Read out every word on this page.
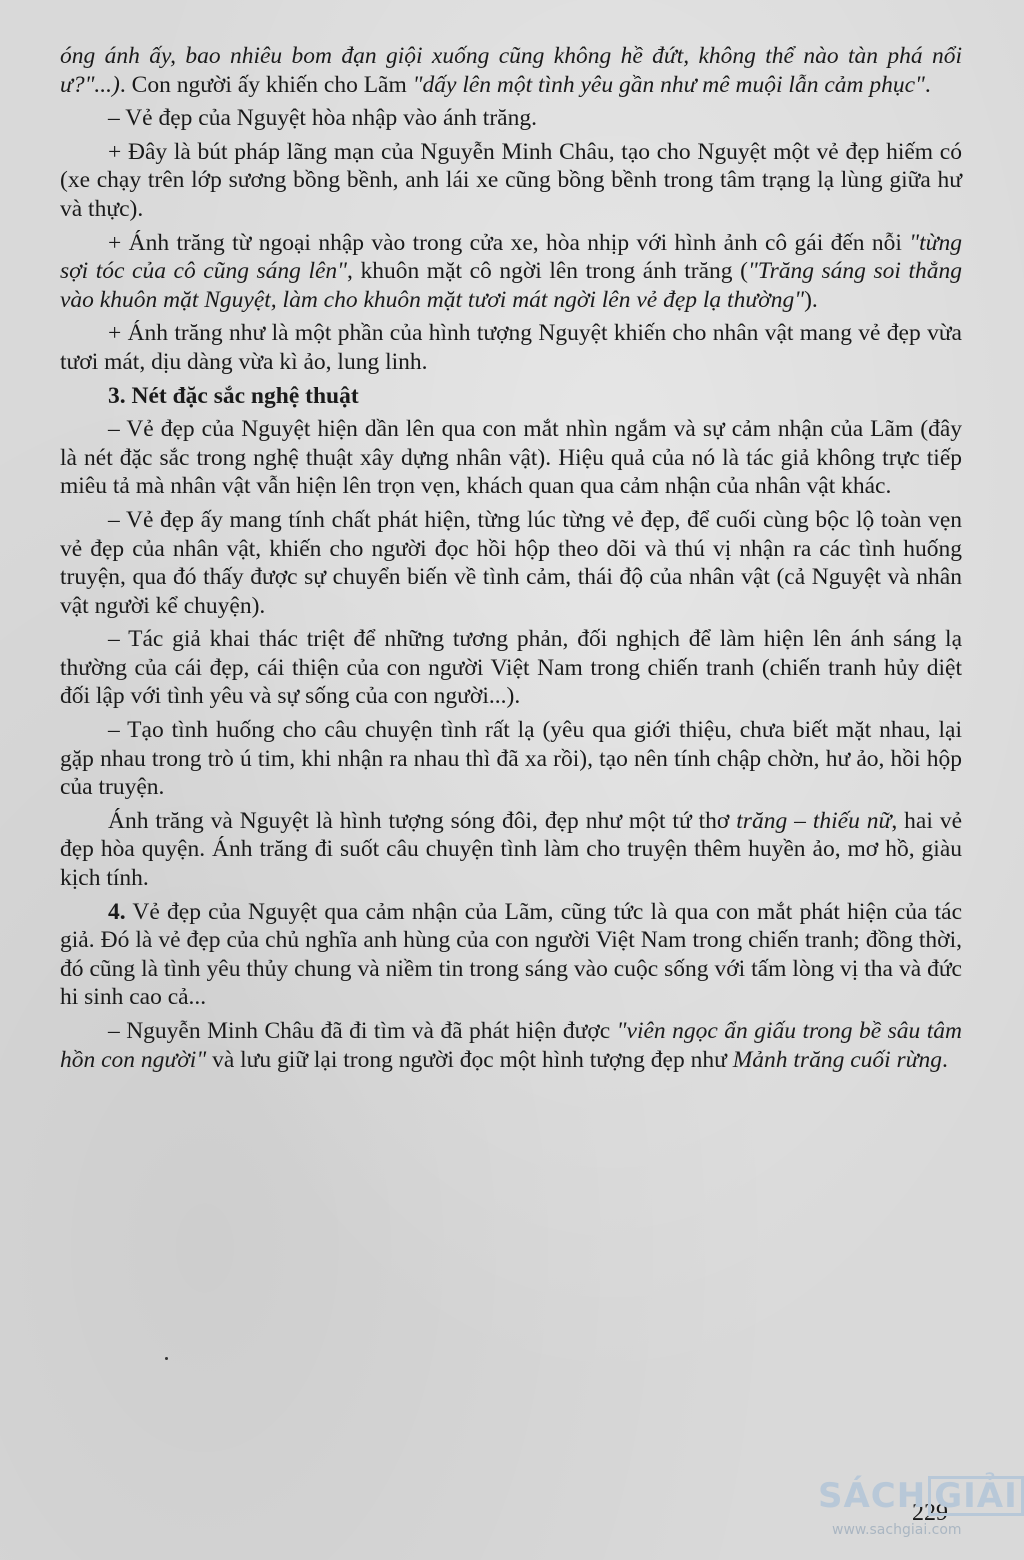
óng ánh ấy, bao nhiêu bom đạn giội xuống cũng không hề đứt, không thể nào tàn phá nổi ư?"...). Con người ấy khiến cho Lãm "dấy lên một tình yêu gần như mê muội lẫn cảm phục".

– Vẻ đẹp của Nguyệt hòa nhập vào ánh trăng.

+ Đây là bút pháp lãng mạn của Nguyễn Minh Châu, tạo cho Nguyệt một vẻ đẹp hiếm có (xe chạy trên lớp sương bồng bềnh, anh lái xe cũng bồng bềnh trong tâm trạng lạ lùng giữa hư và thực).

+ Ánh trăng từ ngoại nhập vào trong cửa xe, hòa nhịp với hình ảnh cô gái đến nỗi "từng sợi tóc của cô cũng sáng lên", khuôn mặt cô ngời lên trong ánh trăng ("Trăng sáng soi thẳng vào khuôn mặt Nguyệt, làm cho khuôn mặt tươi mát ngời lên vẻ đẹp lạ thường").

+ Ánh trăng như là một phần của hình tượng Nguyệt khiến cho nhân vật mang vẻ đẹp vừa tươi mát, dịu dàng vừa kì ảo, lung linh.

3. Nét đặc sắc nghệ thuật

– Vẻ đẹp của Nguyệt hiện dần lên qua con mắt nhìn ngắm và sự cảm nhận của Lãm (đây là nét đặc sắc trong nghệ thuật xây dựng nhân vật). Hiệu quả của nó là tác giả không trực tiếp miêu tả mà nhân vật vẫn hiện lên trọn vẹn, khách quan qua cảm nhận của nhân vật khác.

– Vẻ đẹp ấy mang tính chất phát hiện, từng lúc từng vẻ đẹp, để cuối cùng bộc lộ toàn vẹn vẻ đẹp của nhân vật, khiến cho người đọc hồi hộp theo dõi và thú vị nhận ra các tình huống truyện, qua đó thấy được sự chuyển biến về tình cảm, thái độ của nhân vật (cả Nguyệt và nhân vật người kể chuyện).

– Tác giả khai thác triệt để những tương phản, đối nghịch để làm hiện lên ánh sáng lạ thường của cái đẹp, cái thiện của con người Việt Nam trong chiến tranh (chiến tranh hủy diệt đối lập với tình yêu và sự sống của con người...).

– Tạo tình huống cho câu chuyện tình rất lạ (yêu qua giới thiệu, chưa biết mặt nhau, lại gặp nhau trong trò ú tim, khi nhận ra nhau thì đã xa rồi), tạo nên tính chập chờn, hư ảo, hồi hộp của truyện.

Ánh trăng và Nguyệt là hình tượng sóng đôi, đẹp như một tứ thơ trăng – thiếu nữ, hai vẻ đẹp hòa quyện. Ánh trăng đi suốt câu chuyện tình làm cho truyện thêm huyền ảo, mơ hồ, giàu kịch tính.

4. Vẻ đẹp của Nguyệt qua cảm nhận của Lãm, cũng tức là qua con mắt phát hiện của tác giả. Đó là vẻ đẹp của chủ nghĩa anh hùng của con người Việt Nam trong chiến tranh; đồng thời, đó cũng là tình yêu thủy chung và niềm tin trong sáng vào cuộc sống với tấm lòng vị tha và đức hi sinh cao cả...

– Nguyễn Minh Châu đã đi tìm và đã phát hiện được "viên ngọc ẩn giấu trong bề sâu tâm hồn con người" và lưu giữ lại trong người đọc một hình tượng đẹp như Mảnh trăng cuối rừng.

229
SÁCH GIẢI
www.sachgiai.com
